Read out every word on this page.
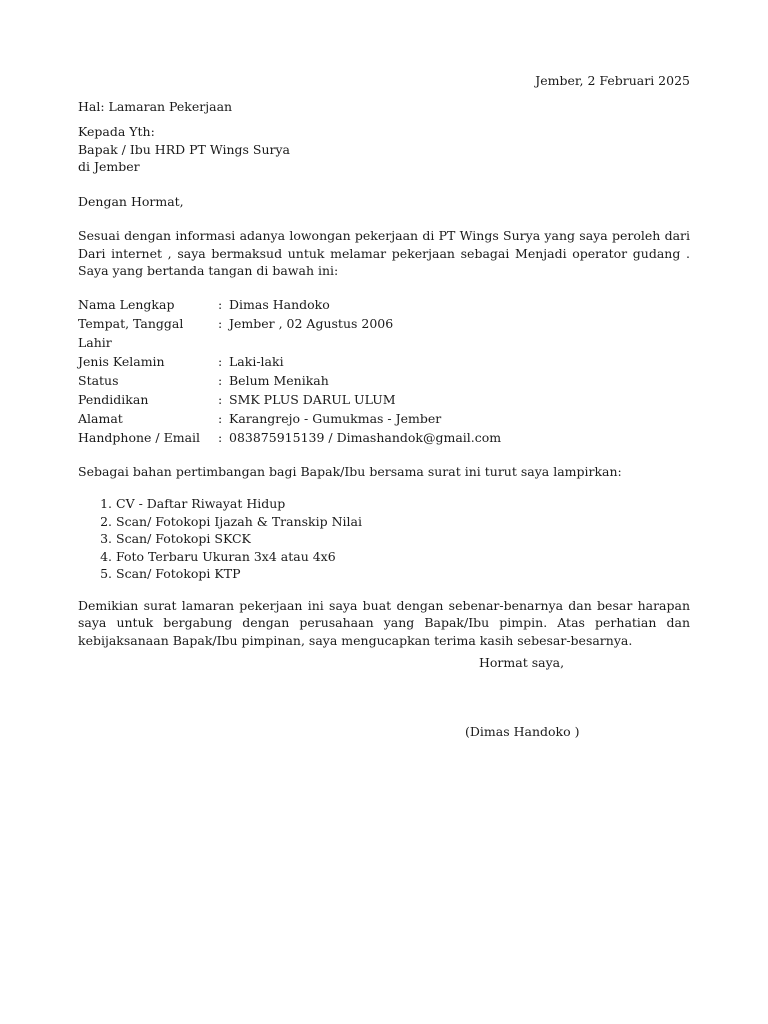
Jember, 2 Februari 2025

Hal: Lamaran Pekerjaan

Kepada Yth:
Bapak / Ibu HRD PT Wings Surya
di Jember

Dengan Hormat,

Sesuai dengan informasi adanya lowongan pekerjaan di PT Wings Surya yang saya peroleh dari Dari internet , saya bermaksud untuk melamar pekerjaan sebagai Menjadi operator gudang . Saya yang bertanda tangan di bawah ini:

Nama Lengkap	:	Dimas Handoko
Tempat, Tanggal Lahir	:	Jember , 02 Agustus 2006
Jenis Kelamin	:	Laki-laki
Status	:	Belum Menikah
Pendidikan	:	SMK PLUS DARUL ULUM
Alamat	:	Karangrejo - Gumukmas - Jember
Handphone / Email	:	083875915139 / Dimashandok@gmail.com

Sebagai bahan pertimbangan bagi Bapak/Ibu bersama surat ini turut saya lampirkan:

1. CV - Daftar Riwayat Hidup
2. Scan/ Fotokopi Ijazah & Transkip Nilai
3. Scan/ Fotokopi SKCK
4. Foto Terbaru Ukuran 3x4 atau 4x6
5. Scan/ Fotokopi KTP

Demikian surat lamaran pekerjaan ini saya buat dengan sebenar-benarnya dan besar harapan saya untuk bergabung dengan perusahaan yang Bapak/Ibu pimpin. Atas perhatian dan kebijaksanaan Bapak/Ibu pimpinan, saya mengucapkan terima kasih sebesar-besarnya.

Hormat saya,
(Dimas Handoko )
